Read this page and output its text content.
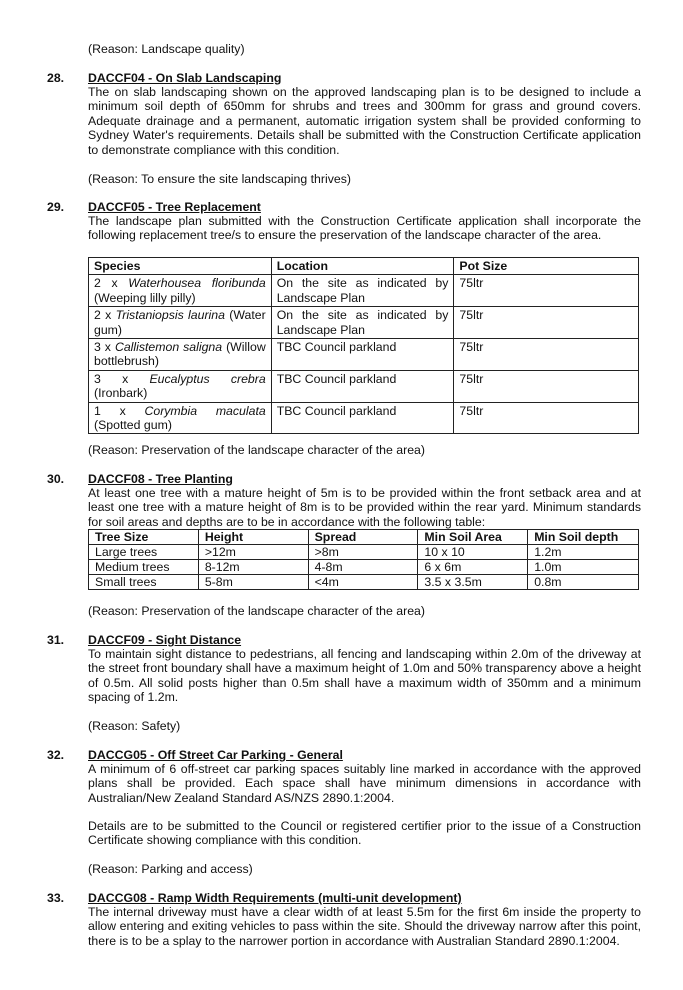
(Reason: Landscape quality)
28. DACCF04 - On Slab Landscaping
The on slab landscaping shown on the approved landscaping plan is to be designed to include a minimum soil depth of 650mm for shrubs and trees and 300mm for grass and ground covers. Adequate drainage and a permanent, automatic irrigation system shall be provided conforming to Sydney Water's requirements. Details shall be submitted with the Construction Certificate application to demonstrate compliance with this condition.
(Reason: To ensure the site landscaping thrives)
29. DACCF05 - Tree Replacement
The landscape plan submitted with the Construction Certificate application shall incorporate the following replacement tree/s to ensure the preservation of the landscape character of the area.
Species	Location	Pot Size
2 x Waterhousea floribunda (Weeping lilly pilly)	On the site as indicated by Landscape Plan	75ltr
2 x Tristaniopsis laurina (Water gum)	On the site as indicated by Landscape Plan	75ltr
3 x Callistemon saligna (Willow bottlebrush)	TBC Council parkland	75ltr
3 x Eucalyptus crebra (Ironbark)	TBC Council parkland	75ltr
1 x Corymbia maculata (Spotted gum)	TBC Council parkland	75ltr
(Reason: Preservation of the landscape character of the area)
30. DACCF08 - Tree Planting
At least one tree with a mature height of 5m is to be provided within the front setback area and at least one tree with a mature height of 8m is to be provided within the rear yard. Minimum standards for soil areas and depths are to be in accordance with the following table:
Tree Size	Height	Spread	Min Soil Area	Min Soil depth
Large trees	>12m	>8m	10 x 10	1.2m
Medium trees	8-12m	4-8m	6 x 6m	1.0m
Small trees	5-8m	<4m	3.5 x 3.5m	0.8m
(Reason: Preservation of the landscape character of the area)
31. DACCF09 - Sight Distance
To maintain sight distance to pedestrians, all fencing and landscaping within 2.0m of the driveway at the street front boundary shall have a maximum height of 1.0m and 50% transparency above a height of 0.5m. All solid posts higher than 0.5m shall have a maximum width of 350mm and a minimum spacing of 1.2m.
(Reason: Safety)
32. DACCG05 - Off Street Car Parking - General
A minimum of 6 off-street car parking spaces suitably line marked in accordance with the approved plans shall be provided. Each space shall have minimum dimensions in accordance with Australian/New Zealand Standard AS/NZS 2890.1:2004.
Details are to be submitted to the Council or registered certifier prior to the issue of a Construction Certificate showing compliance with this condition.
(Reason: Parking and access)
33. DACCG08 - Ramp Width Requirements (multi-unit development)
The internal driveway must have a clear width of at least 5.5m for the first 6m inside the property to allow entering and exiting vehicles to pass within the site. Should the driveway narrow after this point, there is to be a splay to the narrower portion in accordance with Australian Standard 2890.1:2004.
